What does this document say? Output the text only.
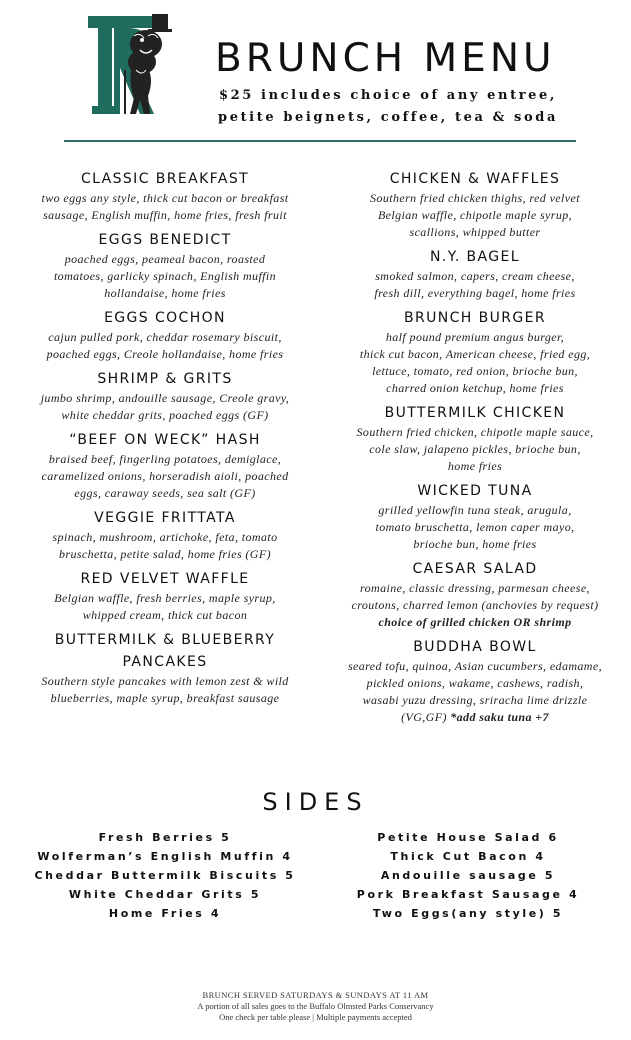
BRUNCH MENU
$25 includes choice of any entree,
petite beignets, coffee, tea & soda
CLASSIC BREAKFAST
two eggs any style, thick cut bacon or breakfast
sausage, English muffin, home fries, fresh fruit
EGGS BENEDICT
poached eggs, peameal bacon, roasted
tomatoes, garlicky spinach, English muffin
hollandaise, home fries
EGGS COCHON
cajun pulled pork, cheddar rosemary biscuit,
poached eggs, Creole hollandaise, home fries
SHRIMP & GRITS
jumbo shrimp, andouille sausage, Creole gravy,
white cheddar grits, poached eggs (GF)
“BEEF ON WECK” HASH
braised beef, fingerling potatoes, demiglace,
caramelized onions, horseradish aioli, poached
eggs, caraway seeds, sea salt (GF)
VEGGIE FRITTATA
spinach, mushroom, artichoke, feta, tomato
bruschetta, petite salad, home fries (GF)
RED VELVET WAFFLE
Belgian waffle, fresh berries, maple syrup,
whipped cream, thick cut bacon
BUTTERMILK & BLUEBERRY
PANCAKES
Southern style pancakes with lemon zest & wild
blueberries, maple syrup, breakfast sausage
CHICKEN & WAFFLES
Southern fried chicken thighs, red velvet
Belgian waffle, chipotle maple syrup,
scallions, whipped butter
N.Y. BAGEL
smoked salmon, capers, cream cheese,
fresh dill, everything bagel, home fries
BRUNCH BURGER
half pound premium angus burger,
thick cut bacon, American cheese, fried egg,
lettuce, tomato, red onion, brioche bun,
charred onion ketchup, home fries
BUTTERMILK CHICKEN
Southern fried chicken, chipotle maple sauce,
cole slaw, jalapeno pickles, brioche bun,
home fries
WICKED TUNA
grilled yellowfin tuna steak, arugula,
tomato bruschetta, lemon caper mayo,
brioche bun, home fries
CAESAR SALAD
romaine, classic dressing, parmesan cheese,
croutons, charred lemon (anchovies by request)
choice of grilled chicken OR shrimp
BUDDHA BOWL
seared tofu, quinoa, Asian cucumbers, edamame,
pickled onions, wakame, cashews, radish,
wasabi yuzu dressing, sriracha lime drizzle
(VG,GF) *add saku tuna +7
SIDES
Fresh Berries 5
Wolferman’s English Muffin 4
Cheddar Buttermilk Biscuits 5
White Cheddar Grits 5
Home Fries 4
Petite House Salad 6
Thick Cut Bacon 4
Andouille sausage 5
Pork Breakfast Sausage 4
Two Eggs(any style) 5
BRUNCH SERVED SATURDAYS & SUNDAYS AT 11 AM
A portion of all sales goes to the Buffalo Olmsted Parks Conservancy
One check per table please | Multiple payments accepted
